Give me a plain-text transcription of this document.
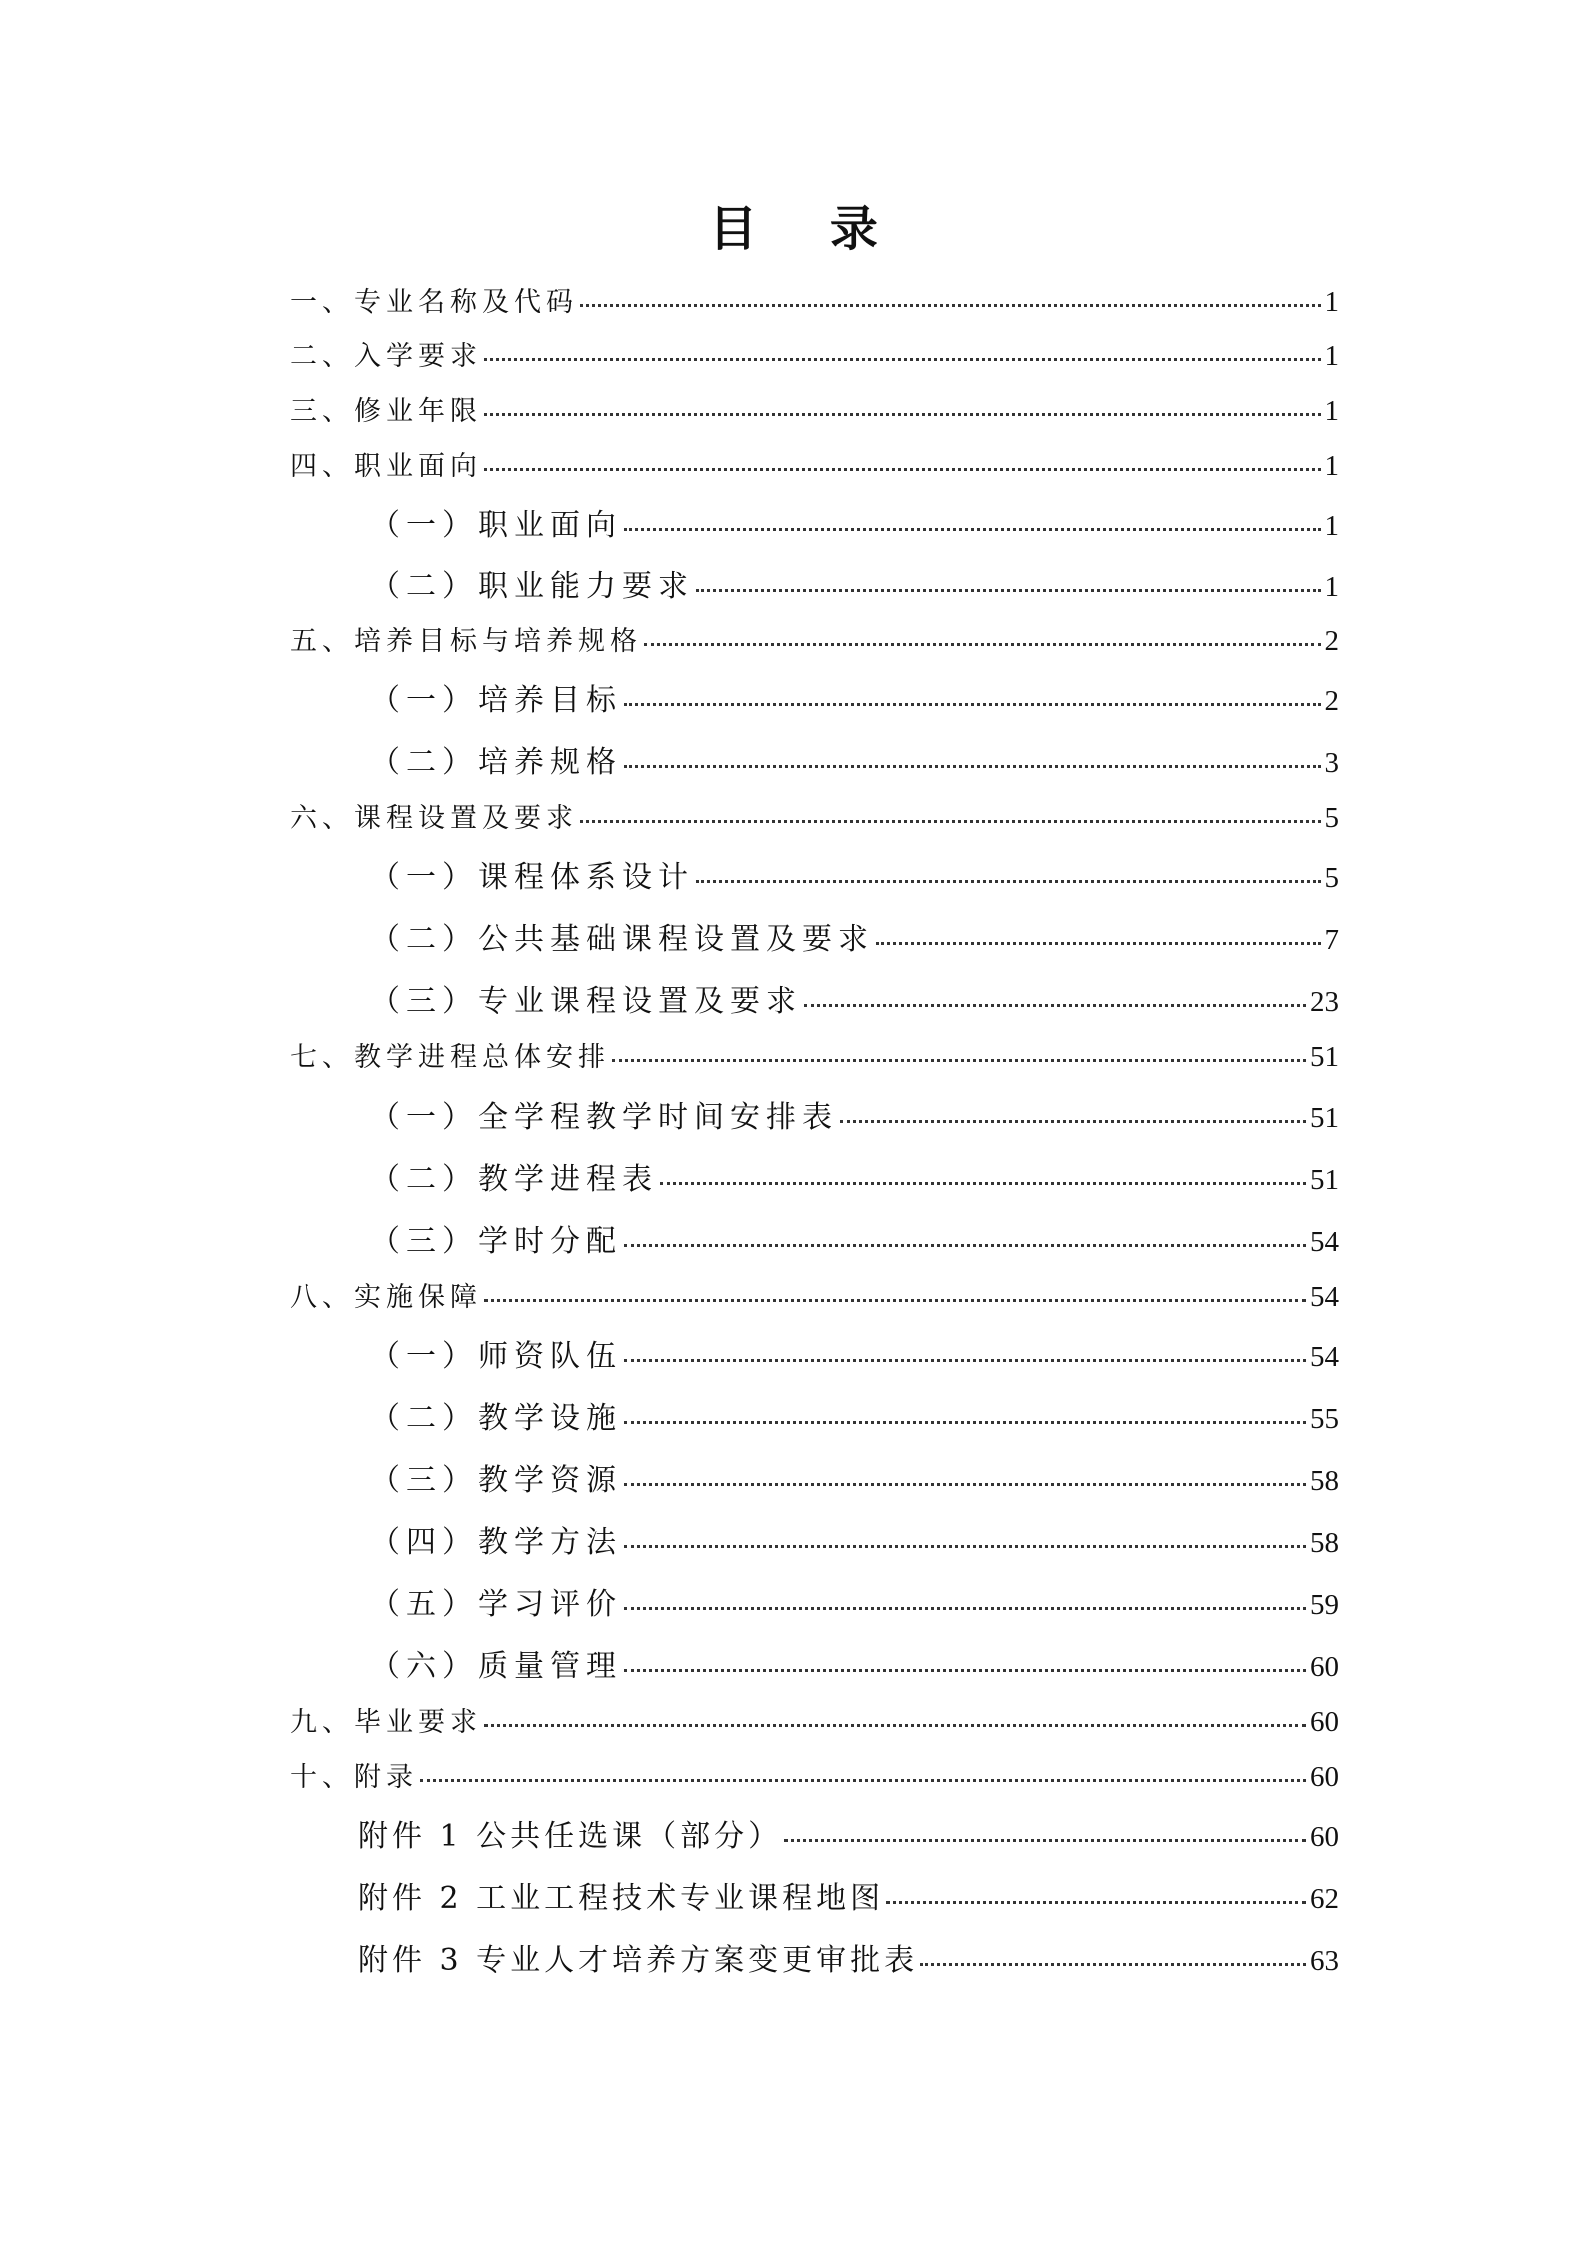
目 录
一、专业名称及代码	1
二、入学要求	1
三、修业年限	1
四、职业面向	1
（一）职业面向	1
（二）职业能力要求	1
五、培养目标与培养规格	2
（一）培养目标	2
（二）培养规格	3
六、课程设置及要求	5
（一）课程体系设计	5
（二）公共基础课程设置及要求	7
（三）专业课程设置及要求	23
七、教学进程总体安排	51
（一）全学程教学时间安排表	51
（二）教学进程表	51
（三）学时分配	54
八、实施保障	54
（一）师资队伍	54
（二）教学设施	55
（三）教学资源	58
（四）教学方法	58
（五）学习评价	59
（六）质量管理	60
九、毕业要求	60
十、附录	60
附件 1 公共任选课（部分）	60
附件 2 工业工程技术专业课程地图	62
附件 3 专业人才培养方案变更审批表	63
